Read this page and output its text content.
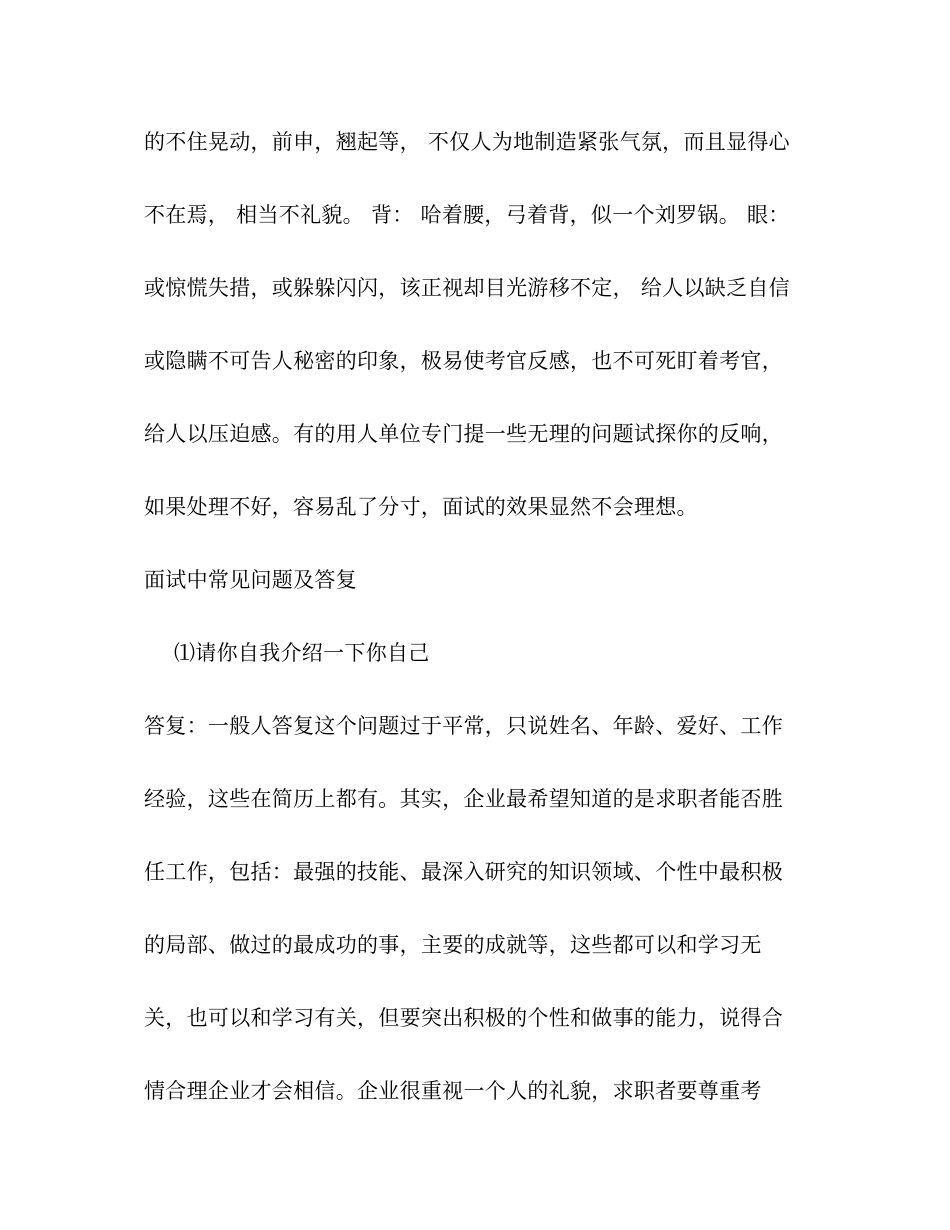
的不住晃动，前申，翘起等， 不仅人为地制造紧张气氛，而且显得心
不在焉， 相当不礼貌。 背： 哈着腰，弓着背，似一个刘罗锅。 眼：
或惊慌失措，或躲躲闪闪，该正视却目光游移不定， 给人以缺乏自信
或隐瞒不可告人秘密的印象，极易使考官反感，也不可死盯着考官，
给人以压迫感。有的用人单位专门提一些无理的问题试探你的反响，
如果处理不好，容易乱了分寸，面试的效果显然不会理想。
面试中常见问题及答复
⑴请你自我介绍一下你自己
答复：一般人答复这个问题过于平常，只说姓名、年龄、爱好、工作
经验，这些在简历上都有。其实，企业最希望知道的是求职者能否胜
任工作，包括：最强的技能、最深入研究的知识领域、个性中最积极
的局部、做过的最成功的事，主要的成就等，这些都可以和学习无
关，也可以和学习有关，但要突出积极的个性和做事的能力，说得合
情合理企业才会相信。企业很重视一个人的礼貌，求职者要尊重考
